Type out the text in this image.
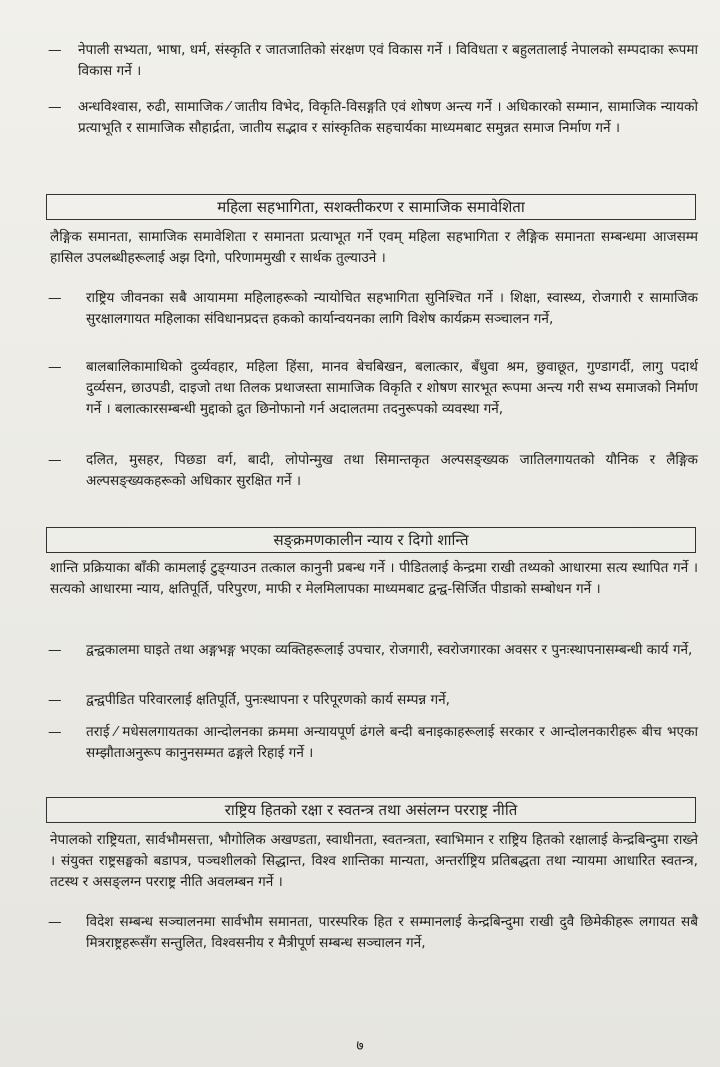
—	नेपाली सभ्यता, भाषा, धर्म, संस्कृति र जातजातिको संरक्षण एवं विकास गर्ने । विविधता र बहुलतालाई नेपालको सम्पदाका रूपमा विकास गर्ने ।
—	अन्धविश्वास, रुढी, सामाजिक ⁄ जातीय विभेद, विकृति-विसङ्गति एवं शोषण अन्त्य गर्ने । अधिकारको सम्मान, सामाजिक न्यायको प्रत्याभूति र सामाजिक सौहार्द्रता, जातीय सद्भाव र सांस्कृतिक सहचार्यका माध्यमबाट समुन्नत समाज निर्माण गर्ने ।
महिला सहभागिता, सशक्तीकरण र सामाजिक समावेशिता
लैङ्गिक समानता, सामाजिक समावेशिता र समानता प्रत्याभूत गर्ने एवम् महिला सहभागिता र लैङ्गिक समानता सम्बन्धमा आजसम्म हासिल उपलब्धीहरूलाई अझ दिगो, परिणाममुखी र सार्थक तुल्याउने ।
—	राष्ट्रिय जीवनका सबै आयाममा महिलाहरूको न्यायोचित सहभागिता सुनिश्चित गर्ने । शिक्षा, स्वास्थ्य, रोजगारी र सामाजिक सुरक्षालगायत महिलाका संविधानप्रदत्त हकको कार्यान्वयनका लागि विशेष कार्यक्रम सञ्चालन गर्ने,
—	बालबालिकामाथिको दुर्व्यवहार, महिला हिंसा, मानव बेचबिखन, बलात्कार, बँधुवा श्रम, छुवाछूत, गुण्डागर्दी, लागु पदार्थ दुर्व्यसन, छाउपडी, दाइजो तथा तिलक प्रथाजस्ता सामाजिक विकृति र शोषण सारभूत रूपमा अन्त्य गरी सभ्य समाजको निर्माण गर्ने । बलात्कारसम्बन्धी मुद्दाको द्रुत छिनोफानो गर्न अदालतमा तदनुरूपको व्यवस्था गर्ने,
—	दलित, मुसहर, पिछडा वर्ग, बादी, लोपोन्मुख तथा सिमान्तकृत अल्पसङ्ख्यक जातिलगायतको यौनिक र लैङ्गिक अल्पसङ्ख्यकहरूको अधिकार सुरक्षित गर्ने ।
सङ्क्रमणकालीन न्याय र दिगो शान्ति
शान्ति प्रक्रियाका बाँकी कामलाई टुङ्ग्याउन तत्काल कानुनी प्रबन्ध गर्ने । पीडितलाई केन्द्रमा राखी तथ्यको आधारमा सत्य स्थापित गर्ने । सत्यको आधारमा न्याय, क्षतिपूर्ति, परिपुरण, माफी र मेलमिलापका माध्यमबाट द्वन्द्व-सिर्जित पीडाको सम्बोधन गर्ने ।
—	द्वन्द्वकालमा घाइते तथा अङ्गभङ्ग भएका व्यक्तिहरूलाई उपचार, रोजगारी, स्वरोजगारका अवसर र पुनःस्थापनासम्बन्धी कार्य गर्ने,
—	द्वन्द्वपीडित परिवारलाई क्षतिपूर्ति, पुनःस्थापना र परिपूरणको कार्य सम्पन्न गर्ने,
—	तराई ⁄ मधेसलगायतका आन्दोलनका क्रममा अन्यायपूर्ण ढंगले बन्दी बनाइकाहरूलाई सरकार र आन्दोलनकारीहरू बीच भएका सम्झौताअनुरूप कानुनसम्मत ढङ्गले रिहाई गर्ने ।
राष्ट्रिय हितको रक्षा र स्वतन्त्र तथा असंलग्न परराष्ट्र नीति
नेपालको राष्ट्रियता, सार्वभौमसत्ता, भौगोलिक अखण्डता, स्वाधीनता, स्वतन्त्रता, स्वाभिमान र राष्ट्रिय हितको रक्षालाई केन्द्रबिन्दुमा राख्ने । संयुक्त राष्ट्रसङ्घको बडापत्र, पञ्चशीलको सिद्धान्त, विश्व शान्तिका मान्यता, अन्तर्राष्ट्रिय प्रतिबद्धता तथा न्यायमा आधारित स्वतन्त्र, तटस्थ र असङ्लग्न परराष्ट्र नीति अवलम्बन गर्ने ।
—	विदेश सम्बन्ध सञ्चालनमा सार्वभौम समानता, पारस्परिक हित र सम्मानलाई केन्द्रबिन्दुमा राखी दुवै छिमेकीहरू लगायत सबै मित्रराष्ट्रहरूसँग सन्तुलित, विश्वसनीय र मैत्रीपूर्ण सम्बन्ध सञ्चालन गर्ने,
७
